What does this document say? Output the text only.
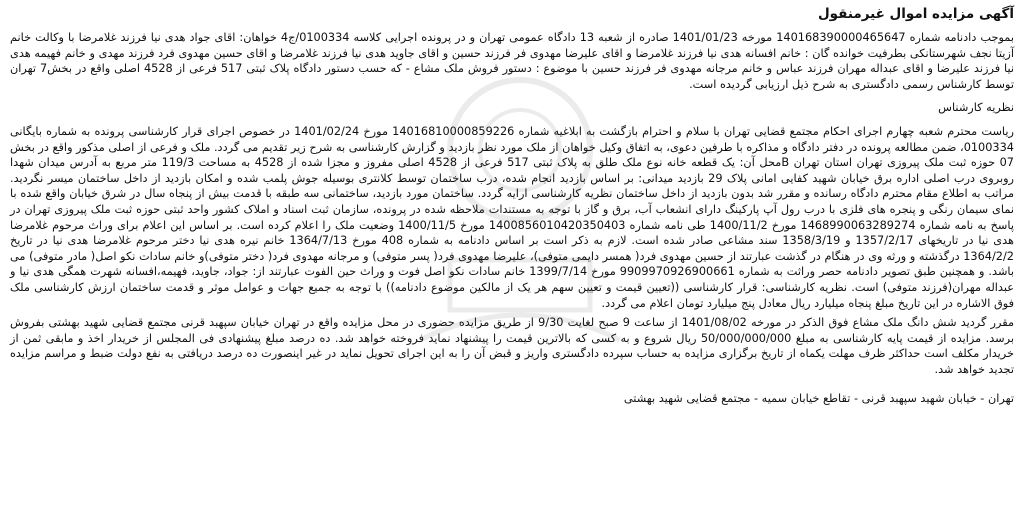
آگهی مزایده اموال غیرمنقول

بموجب دادنامه شماره 140168390000465647 مورخه 1401/01/23 صادره از شعبه 13 دادگاه عمومی تهران و در پرونده اجرایی کلاسه 0100334/ج4 خواهان: اقای جواد هدی نیا فرزند غلامرضا با وکالت خانم آزیتا نجف شهرستانکی بطرفیت خوانده گان : خانم افسانه هدی نیا فرزند غلامرضا و اقای علیرضا مهدوی فر فرزند حسین و اقای جاوید هدی نیا فرزند غلامرضا و اقای حسین مهدوی فرد فرزند مهدی و خانم فهیمه هدی نیا فرزند علیرضا و اقای عبداله مهران فرزند عباس و خانم مرجانه مهدوی فر فرزند حسین با موضوع : دستور فروش ملک مشاع - که حسب دستور دادگاه پلاک ثبتی 517 فرعی از 4528 اصلی واقع در بخش7 تهران توسط کارشناس رسمی دادگستری به شرح ذیل ارزیابی گردیده است.

نظریه کارشناس

ریاست محترم شعبه چهارم اجرای احکام مجتمع قضایی تهران با سلام و احترام بازگشت به ابلاغیه شماره 14016810000859226 مورخ 1401/02/24 در خصوص اجرای قرار کارشناسی پرونده به شماره بایگانی 0100334، ضمن مطالعه پرونده در دفتر دادگاه و مذاکره با طرفین دعوی، به اتفاق وکیل خواهان از ملک مورد نظر بازدید و گزارش کارشناسی به شرح زیر تقدیم می گردد. ملک و فرعی از اصلی مذکور واقع در بخش 07 حوزه ثبت ملک پیروزی تهران استان تهران Bمحل آن: یک قطعه خانه نوع ملک طلق به پلاک ثبتی 517 فرعی از 4528 اصلی مفروز و مجزا شده از 4528 به مساحت 119/3 متر مربع به آدرس میدان شهدا روبروی درب اصلی اداره برق خیابان شهید کفایی امانی پلاک 29 بازدید میدانی: بر اساس بازدید انجام شده، درب ساختمان توسط کلانتری بوسیله جوش پلمب شده و امکان بازدید از داخل ساختمان میسر نگردید. مراتب به اطلاع مقام محترم دادگاه رسانده و مقرر شد بدون بازدید از داخل ساختمان نظریه کارشناسی ارایه گردد. ساختمان مورد بازدید، ساختمانی سه طبقه با قدمت بیش از پنجاه سال در شرق خیابان واقع شده با نمای سیمان رنگی و پنجره های فلزی با درب رول آپ پارکینگ دارای انشعاب آب، برق و گاز با توجه به مستندات ملاحظه شده در پرونده، سازمان ثبت اسناد و املاک کشور واحد ثبتی حوزه ثبت ملک پیروزی تهران در پاسخ به نامه شماره 1468990063289274 مورخ 1400/11/2 طی نامه شماره 1400856010420350403 مورخ 1400/11/5 وضعیت ملک را اعلام کرده است. بر اساس این اعلام برای وراث مرحوم غلامرضا هدی نیا در تاریخهای 1357/2/17 و 1358/3/19 سند مشاعی صادر شده است. لازم به ذکر است بر اساس دادنامه به شماره 408 مورخ 1364/7/13 خانم نیره هدی نیا دختر مرحوم غلامرضا هدی نیا در تاریخ 1364/2/2 درگذشته و ورثه وی در هنگام در گذشت عبارتند از حسین مهدوی فرد( همسر دایمی متوفی)، علیرضا مهدوی فرد( پسر متوفی) و مرجانه مهدوی فرد( دختر متوفی)و خانم سادات نکو اصل( مادر متوفی) می باشد. و همچنین طبق تصویر دادنامه حصر وراثت به شماره 9909970926900661 مورخ 1399/7/14 خانم سادات نکو اصل فوت و وراث حین الفوت عبارتند از: جواد، جاوید، فهیمه،افسانه شهرت همگی هدی نیا و عبداله مهران(فرزند متوفی) است. نظریه کارشناسی: قرار کارشناسی ((تعیین قیمت و تعیین سهم هر یک از مالکین موضوع دادنامه)) با توجه به جمیع جهات و عوامل موثر و قدمت ساختمان ارزش کارشناسی ملک فوق الاشاره در این تاریخ مبلغ پنجاه میلیارد ریال معادل پنج میلیارد تومان اعلام می گردد.

مقرر گردید شش دانگ ملک مشاع فوق الذکر در مورخه 1401/08/02 از ساعت 9 صبح لغایت 9/30 از طریق مزایده حضوری در محل مزایده واقع در تهران خیابان سپهبد قرنی مجتمع قضایی شهید بهشتی بفروش برسد. مزایده از قیمت پایه کارشناسی به مبلغ 50/000/000/000 ریال شروع و به کسی که بالاترین قیمت را پیشنهاد نماید فروخته خواهد شد. ده درصد مبلغ پیشنهادی فی المجلس از خریدار اخذ و مابقی ثمن از خریدار مکلف است حداکثر ظرف مهلت یکماه از تاریخ برگزاری مزایده به حساب سپرده دادگستری واریز و قبض آن را به این اجرای تحویل نماید در غیر اینصورت ده درصد دریافتی به نفع دولت ضبط و مراسم مزایده تجدید خواهد شد.

تهران - خیابان شهید سپهبد قرنی - تقاطع خیابان سمیه - مجتمع قضایی شهید بهشتی
